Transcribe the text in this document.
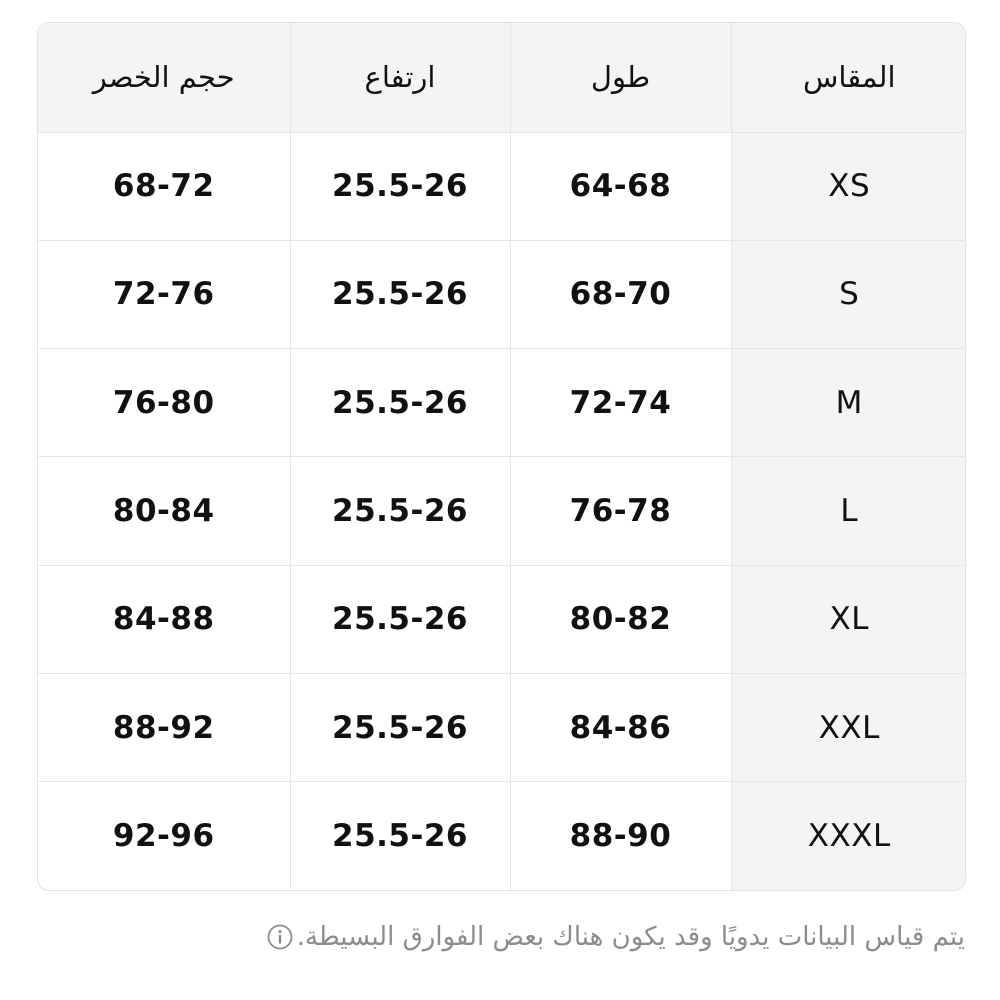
حجم الخصر	ارتفاع	طول	المقاس
68-72	25.5-26	64-68	XS
72-76	25.5-26	68-70	S
76-80	25.5-26	72-74	M
80-84	25.5-26	76-78	L
84-88	25.5-26	80-82	XL
88-92	25.5-26	84-86	XXL
92-96	25.5-26	88-90	XXXL
يتم قياس البيانات يدويًا وقد يكون هناك بعض الفوارق البسيطة.
